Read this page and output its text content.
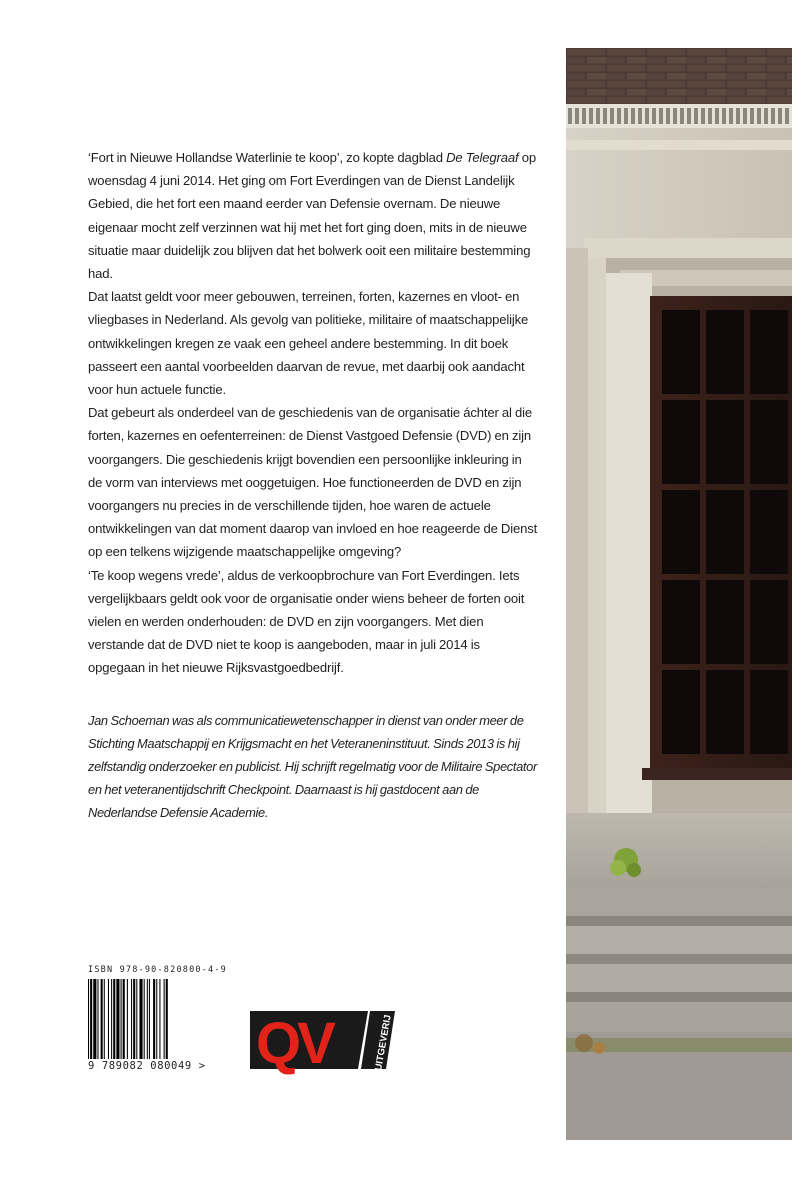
‘Fort in Nieuwe Hollandse Waterlinie te koop’, zo kopte dagblad De Telegraaf op woensdag 4 juni 2014. Het ging om Fort Everdingen van de Dienst Landelijk Gebied, die het fort een maand eerder van Defensie overnam. De nieuwe eigenaar mocht zelf verzinnen wat hij met het fort ging doen, mits in de nieuwe situatie maar duidelijk zou blijven dat het bolwerk ooit een militaire bestemming had.

Dat laatst geldt voor meer gebouwen, terreinen, forten, kazernes en vloot- en vliegbases in Nederland. Als gevolg van politieke, militaire of maatschappelijke ontwikkelingen kregen ze vaak een geheel andere bestemming. In dit boek passeert een aantal voorbeelden daarvan de revue, met daarbij ook aandacht voor hun actuele functie.

Dat gebeurt als onderdeel van de geschiedenis van de organisatie áchter al die forten, kazernes en oefenterreinen: de Dienst Vastgoed Defensie (DVD) en zijn voorgangers. Die geschiedenis krijgt bovendien een persoonlijke inkleuring in de vorm van interviews met ooggetuigen. Hoe functioneerden de DVD en zijn voorgangers nu precies in de verschillende tijden, hoe waren de actuele ontwikkelingen van dat moment daarop van invloed en hoe reageerde de Dienst op een telkens wijzigende maatschappelijke omgeving?

‘Te koop wegens vrede’, aldus de verkoopbrochure van Fort Everdingen. Iets vergelijkbaars geldt ook voor de organisatie onder wiens beheer de forten ooit vielen en werden onderhouden: de DVD en zijn voorgangers. Met dien verstande dat de DVD niet te koop is aangeboden, maar in juli 2014 is opgegaan in het nieuwe Rijksvastgoedbedrijf.

Jan Schoeman was als communicatiewetenschapper in dienst van onder meer de Stichting Maatschappij en Krijgsmacht en het Veteraneninstituut. Sinds 2013 is hij zelfstandig onderzoeker en publicist. Hij schrijft regelmatig voor de Militaire Spectator en het veteranentijdschrift Checkpoint. Daarnaast is hij gastdocent aan de Nederlandse Defensie Academie.

ISBN 978-90-820800-4-9
9 789082 080049 > QV	UITGEVERIJ
